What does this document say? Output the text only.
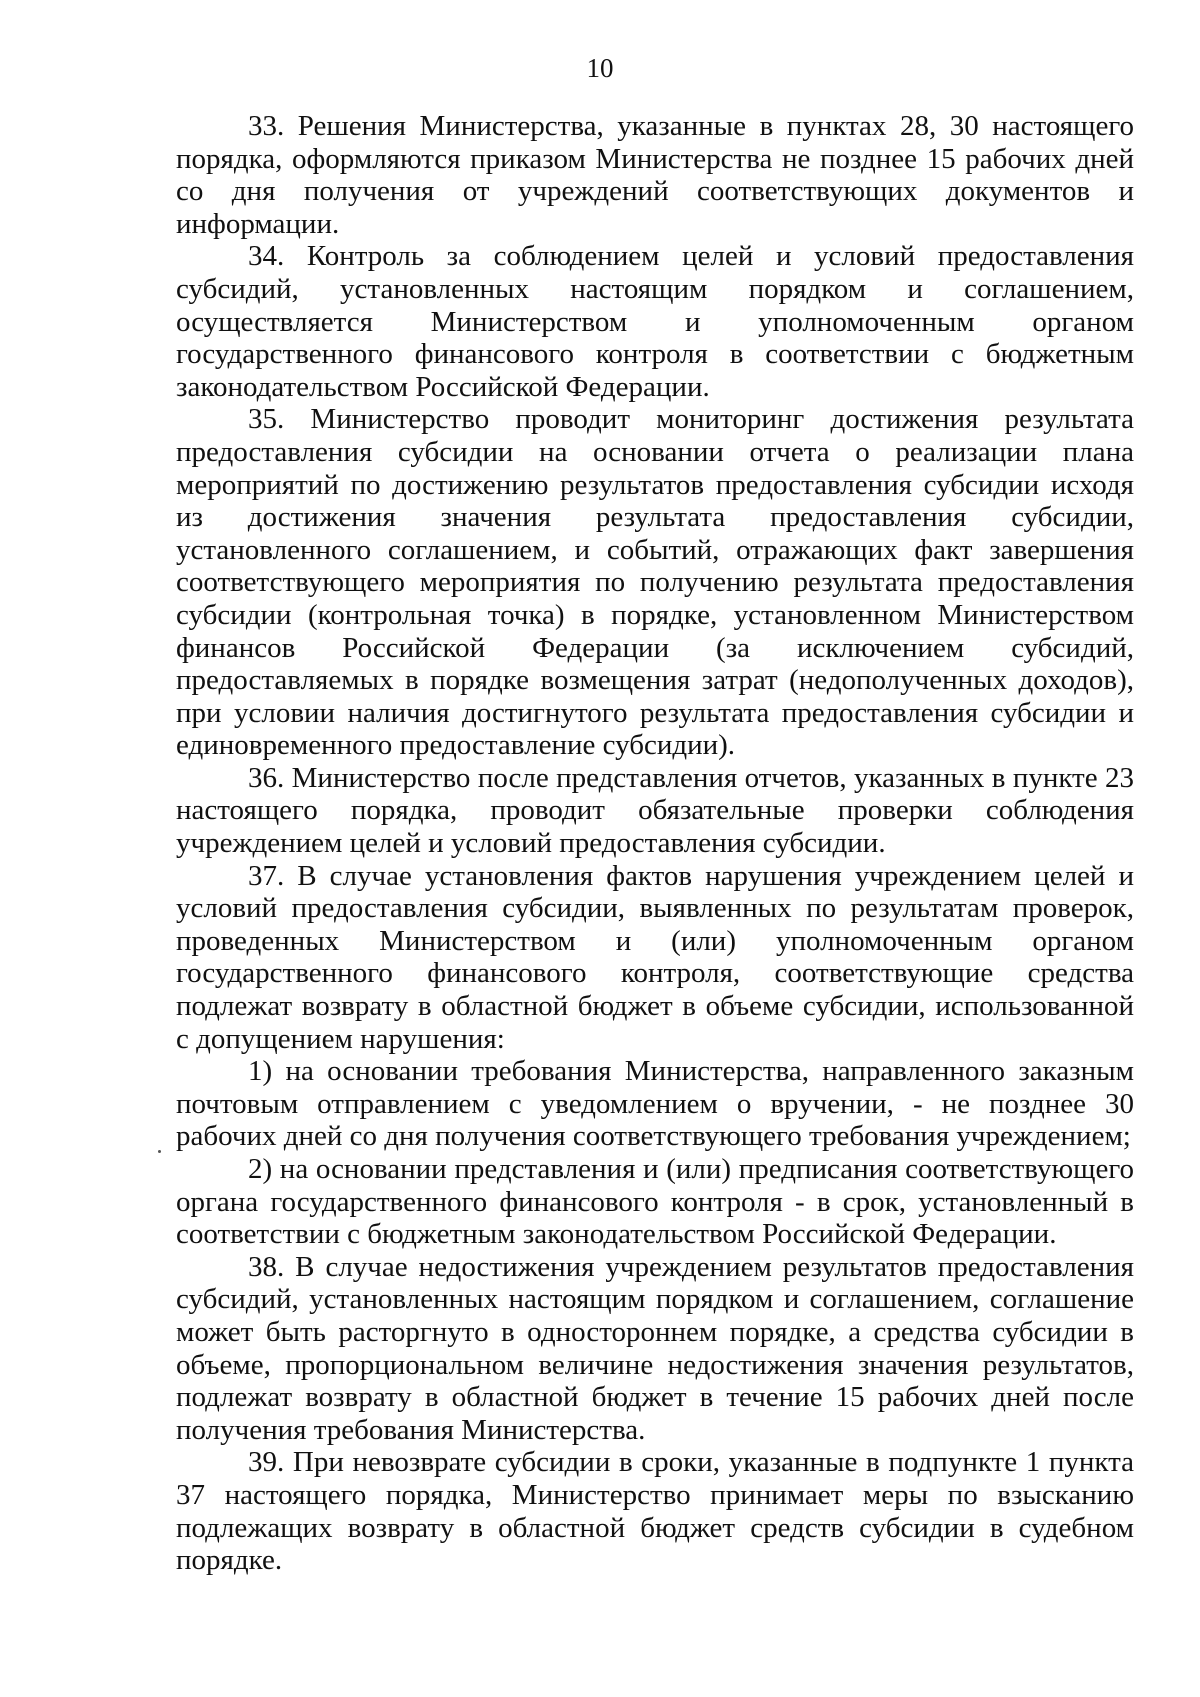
10

33. Решения Министерства, указанные в пунктах 28, 30 настоящего порядка, оформляются приказом Министерства не позднее 15 рабочих дней со дня получения от учреждений соответствующих документов и информации.

34. Контроль за соблюдением целей и условий предоставления субсидий, установленных настоящим порядком и соглашением, осуществляется Министерством и уполномоченным органом государственного финансового контроля в соответствии с бюджетным законодательством Российской Федерации.

35. Министерство проводит мониторинг достижения результата предоставления субсидии на основании отчета о реализации плана мероприятий по достижению результатов предоставления субсидии исходя из достижения значения результата предоставления субсидии, установленного соглашением, и событий, отражающих факт завершения соответствующего мероприятия по получению результата предоставления субсидии (контрольная точка) в порядке, установленном Министерством финансов Российской Федерации (за исключением субсидий, предоставляемых в порядке возмещения затрат (недополученных доходов), при условии наличия достигнутого результата предоставления субсидии и единовременного предоставление субсидии).

36. Министерство после представления отчетов, указанных в пункте 23 настоящего порядка, проводит обязательные проверки соблюдения учреждением целей и условий предоставления субсидии.

37. В случае установления фактов нарушения учреждением целей и условий предоставления субсидии, выявленных по результатам проверок, проведенных Министерством и (или) уполномоченным органом государственного финансового контроля, соответствующие средства подлежат возврату в областной бюджет в объеме субсидии, использованной с допущением нарушения:

1) на основании требования Министерства, направленного заказным почтовым отправлением с уведомлением о вручении, - не позднее 30 рабочих дней со дня получения соответствующего требования учреждением;

2) на основании представления и (или) предписания соответствующего органа государственного финансового контроля - в срок, установленный в соответствии с бюджетным законодательством Российской Федерации.

38. В случае недостижения учреждением результатов предоставления субсидий, установленных настоящим порядком и соглашением, соглашение может быть расторгнуто в одностороннем порядке, а средства субсидии в объеме, пропорциональном величине недостижения значения результатов, подлежат возврату в областной бюджет в течение 15 рабочих дней после получения требования Министерства.

39. При невозврате субсидии в сроки, указанные в подпункте 1 пункта 37 настоящего порядка, Министерство принимает меры по взысканию подлежащих возврату в областной бюджет средств субсидии в судебном порядке.
